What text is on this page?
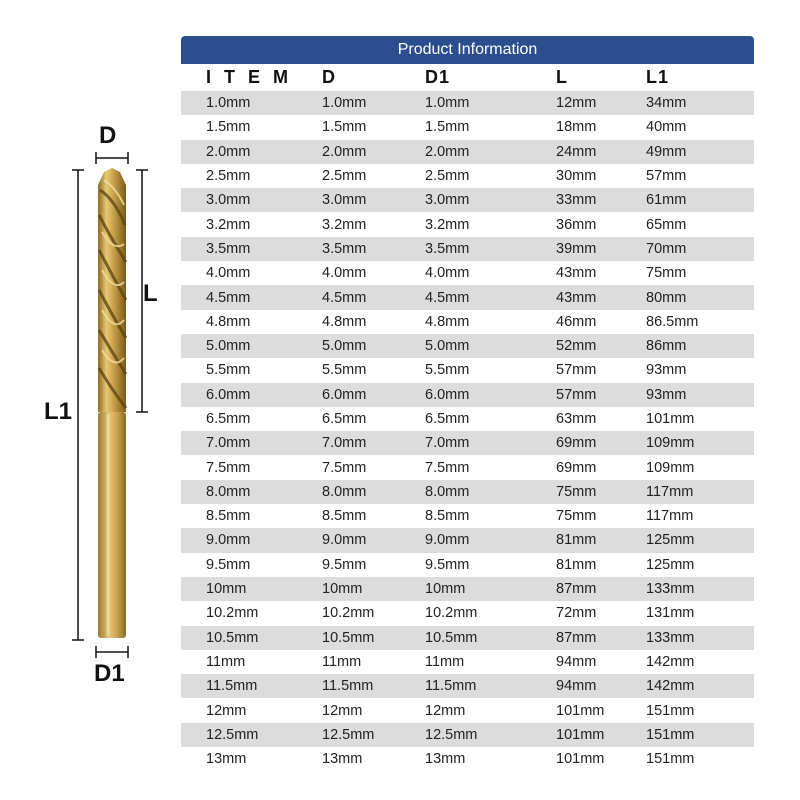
D
L
L1
D1
Product Information
I T E M	D	D1	L	L1
1.0mm	1.0mm	1.0mm	12mm	34mm
1.5mm	1.5mm	1.5mm	18mm	40mm
2.0mm	2.0mm	2.0mm	24mm	49mm
2.5mm	2.5mm	2.5mm	30mm	57mm
3.0mm	3.0mm	3.0mm	33mm	61mm
3.2mm	3.2mm	3.2mm	36mm	65mm
3.5mm	3.5mm	3.5mm	39mm	70mm
4.0mm	4.0mm	4.0mm	43mm	75mm
4.5mm	4.5mm	4.5mm	43mm	80mm
4.8mm	4.8mm	4.8mm	46mm	86.5mm
5.0mm	5.0mm	5.0mm	52mm	86mm
5.5mm	5.5mm	5.5mm	57mm	93mm
6.0mm	6.0mm	6.0mm	57mm	93mm
6.5mm	6.5mm	6.5mm	63mm	101mm
7.0mm	7.0mm	7.0mm	69mm	109mm
7.5mm	7.5mm	7.5mm	69mm	109mm
8.0mm	8.0mm	8.0mm	75mm	117mm
8.5mm	8.5mm	8.5mm	75mm	117mm
9.0mm	9.0mm	9.0mm	81mm	125mm
9.5mm	9.5mm	9.5mm	81mm	125mm
10mm	10mm	10mm	87mm	133mm
10.2mm	10.2mm	10.2mm	72mm	131mm
10.5mm	10.5mm	10.5mm	87mm	133mm
11mm	11mm	11mm	94mm	142mm
11.5mm	11.5mm	11.5mm	94mm	142mm
12mm	12mm	12mm	101mm	151mm
12.5mm	12.5mm	12.5mm	101mm	151mm
13mm	13mm	13mm	101mm	151mm
